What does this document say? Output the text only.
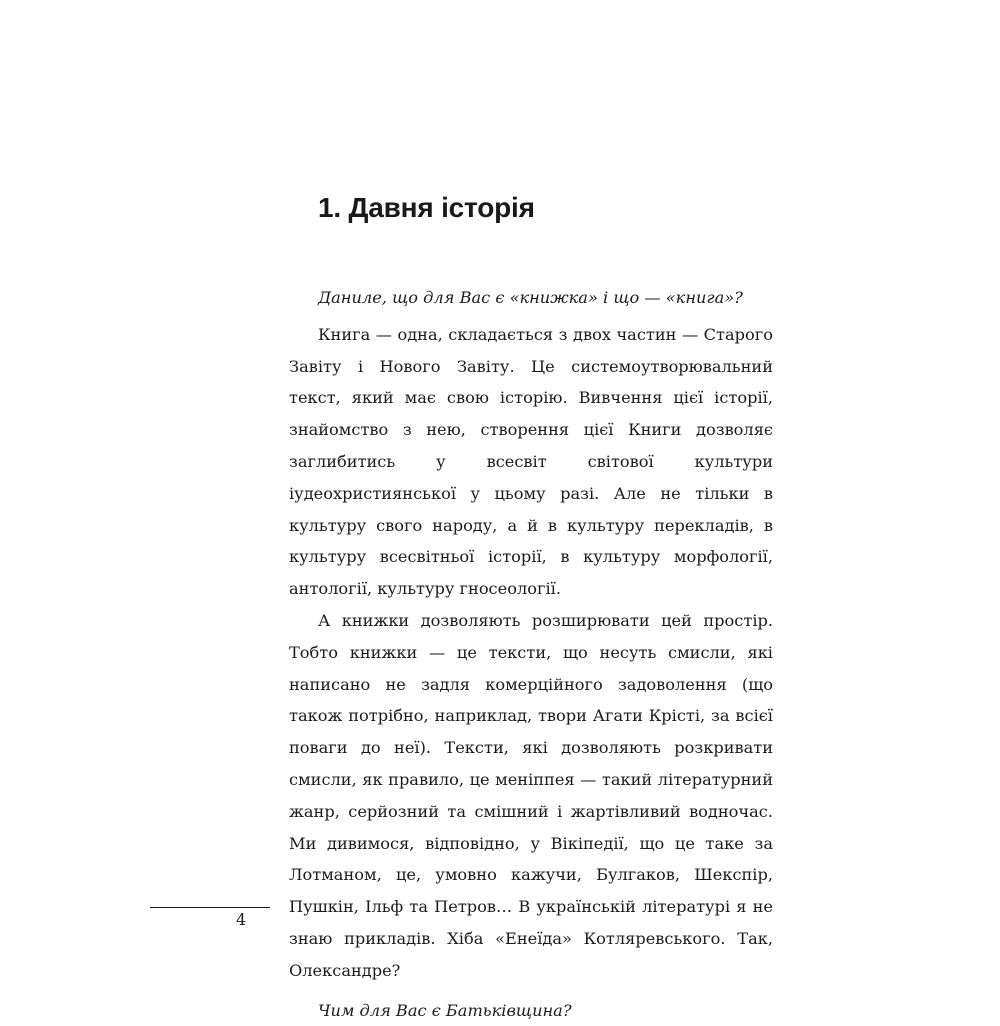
1. Давня історія

Даниле, що для Вас є «книжка» і що — «книга»?

Книга — одна, складається з двох частин — Старого Завіту і Нового Завіту. Це системоутворювальний текст, який має свою історію. Вивчення цієї історії, знайомство з нею, створення цієї Книги дозволяє заглибитись у всесвіт світової культури іудеохристиянської у цьому разі. Але не тільки в культуру свого народу, а й в культуру перекладів, в культуру всесвітньої історії, в культуру морфології, антології, культуру гносеології.

А книжки дозволяють розширювати цей простір. Тобто книжки — це тексти, що несуть смисли, які написано не задля комерційного задоволення (що також потрібно, наприклад, твори Агати Крісті, за всієї поваги до неї). Тексти, які дозволяють розкривати смисли, як правило, це меніппея — такий літературний жанр, серйозний та смішний і жартівливий водночас. Ми дивимося, відповідно, у Вікіпедії, що це таке за Лотманом, це, умовно кажучи, Булгаков, Шекспір, Пушкін, Ільф та Петров… В українській літературі я не знаю прикладів. Хіба «Енеїда» Котляревського. Так, Олександре?

Чим для Вас є Батьківщина?

4
